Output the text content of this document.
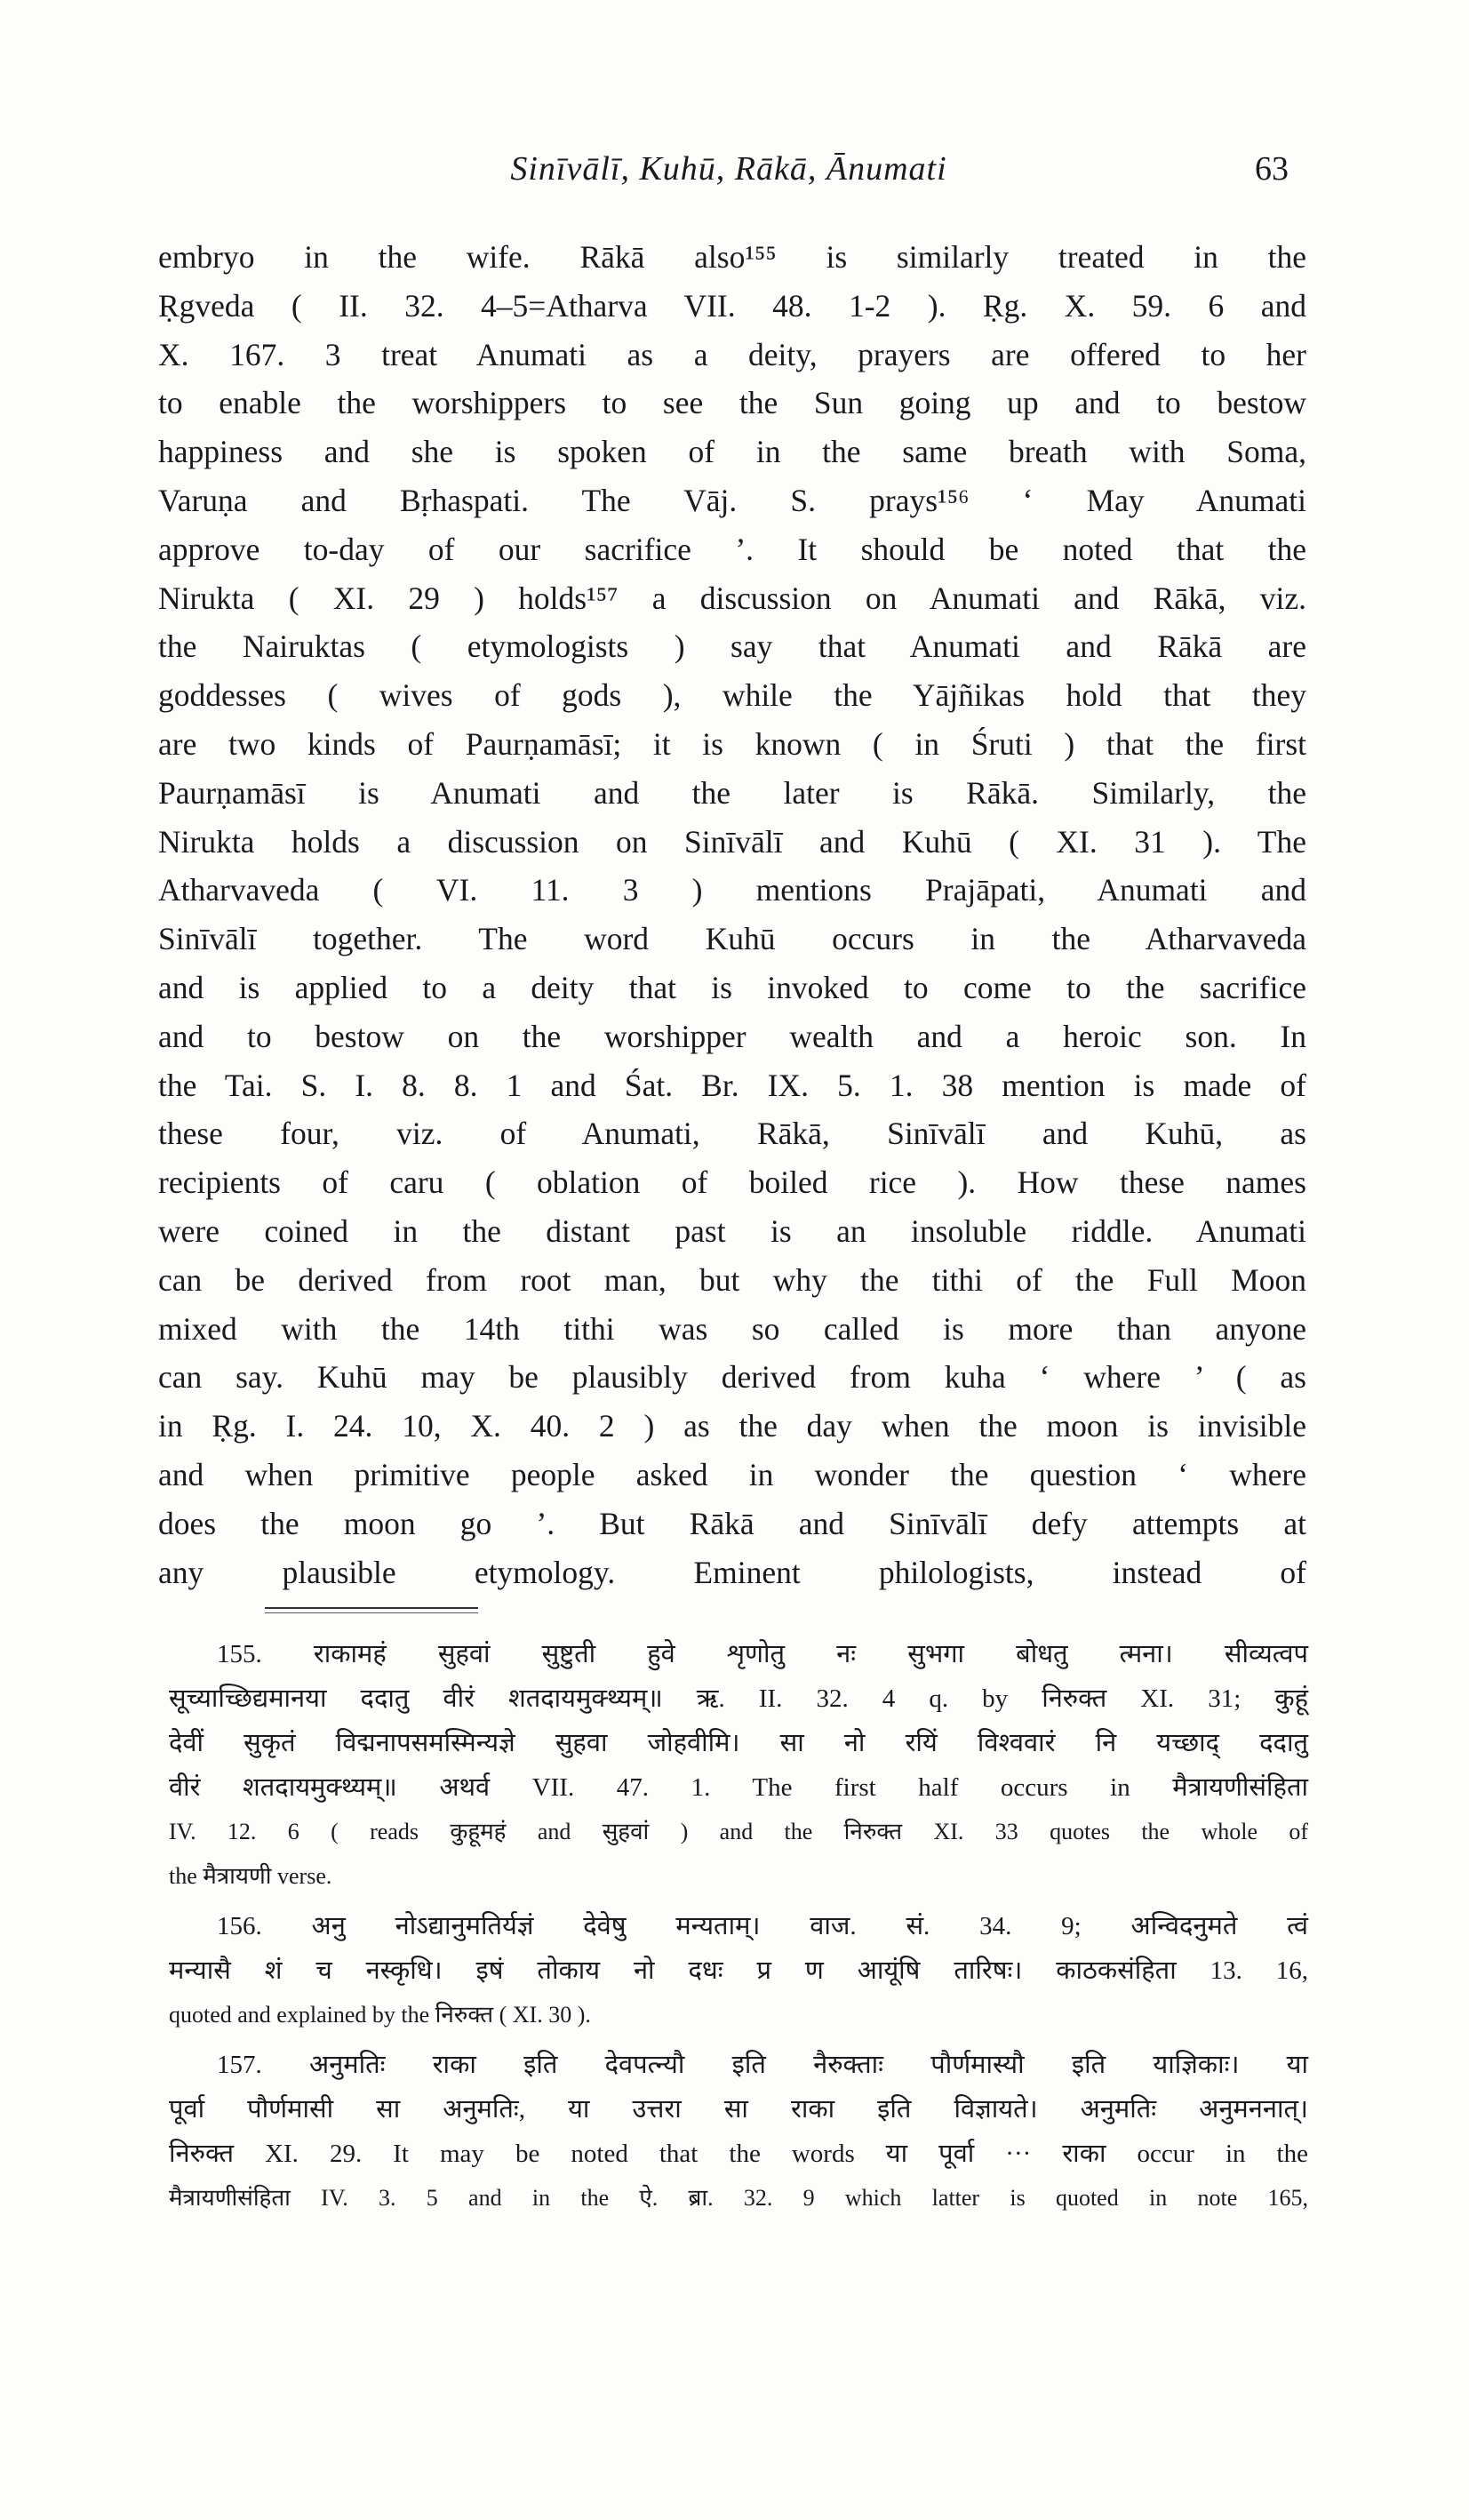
Sinīvālī, Kuhū, Rākā, Ānumati	63
embryo in the wife. Rākā also¹⁵⁵ is similarly treated in the
Ṛgveda ( II. 32. 4–5=Atharva VII. 48. 1-2 ). Ṛg. X. 59. 6 and
X. 167. 3 treat Anumati as a deity, prayers are offered to her
to enable the worshippers to see the Sun going up and to bestow
happiness and she is spoken of in the same breath with Soma,
Varuṇa and Bṛhaspati. The Vāj. S. prays¹⁵⁶ ‘ May Anumati
approve to-day of our sacrifice ’. It should be noted that the
Nirukta ( XI. 29 ) holds¹⁵⁷ a discussion on Anumati and Rākā, viz.
the Nairuktas ( etymologists ) say that Anumati and Rākā are
goddesses ( wives of gods ), while the Yājñikas hold that they
are two kinds of Paurṇamāsī; it is known ( in Śruti ) that the first
Paurṇamāsī is Anumati and the later is Rākā. Similarly, the
Nirukta holds a discussion on Sinīvālī and Kuhū ( XI. 31 ). The
Atharvaveda ( VI. 11. 3 ) mentions Prajāpati, Anumati and
Sinīvālī together. The word Kuhū occurs in the Atharvaveda
and is applied to a deity that is invoked to come to the sacrifice
and to bestow on the worshipper wealth and a heroic son. In
the Tai. S. I. 8. 8. 1 and Śat. Br. IX. 5. 1. 38 mention is made of
these four, viz. of Anumati, Rākā, Sinīvālī and Kuhū, as
recipients of caru ( oblation of boiled rice ). How these names
were coined in the distant past is an insoluble riddle. Anumati
can be derived from root man, but why the tithi of the Full Moon
mixed with the 14th tithi was so called is more than anyone
can say. Kuhū may be plausibly derived from kuha ‘ where ’ ( as
in Ṛg. I. 24. 10, X. 40. 2 ) as the day when the moon is invisible
and when primitive people asked in wonder the question ‘ where
does the moon go ’. But Rākā and Sinīvālī defy attempts at
any plausible etymology. Eminent philologists, instead of
155. राकामहं सुहवां सुष्टुती हुवे शृणोतु नः सुभगा बोधतु त्मना। सीव्यत्वप
सूच्याच्छिद्यमानया ददातु वीरं शतदायमुक्थ्यम्॥ ऋ. II. 32. 4 q. by निरुक्त XI. 31; कुहूं
देवीं सुकृतं विद्मनापसमस्मिन्यज्ञे सुहवा जोहवीमि। सा नो रयिं विश्ववारं नि यच्छाद् ददातु
वीरं शतदायमुक्थ्यम्॥ अथर्व VII. 47. 1. The first half occurs in मैत्रायणीसंहिता
IV. 12. 6 ( reads कुहूमहं and सुहवां ) and the निरुक्त XI. 33 quotes the whole of
the मैत्रायणी verse.
156. अनु नोऽद्यानुमतिर्यज्ञं देवेषु मन्यताम्। वाज. सं. 34. 9; अन्विदनुमते त्वं
मन्यासै शं च नस्कृधि। इषं तोकाय नो दधः प्र ण आयूंषि तारिषः। काठकसंहिता 13. 16,
quoted and explained by the निरुक्त ( XI. 30 ).
157. अनुमतिः राका इति देवपत्न्यौ इति नैरुक्ताः पौर्णमास्यौ इति याज्ञिकाः। या
पूर्वा पौर्णमासी सा अनुमतिः, या उत्तरा सा राका इति विज्ञायते। अनुमतिः अनुमननात्।
निरुक्त XI. 29. It may be noted that the words या पूर्वा ··· राका occur in the
मैत्रायणीसंहिता IV. 3. 5 and in the ऐ. ब्रा. 32. 9 which latter is quoted in note 165,
